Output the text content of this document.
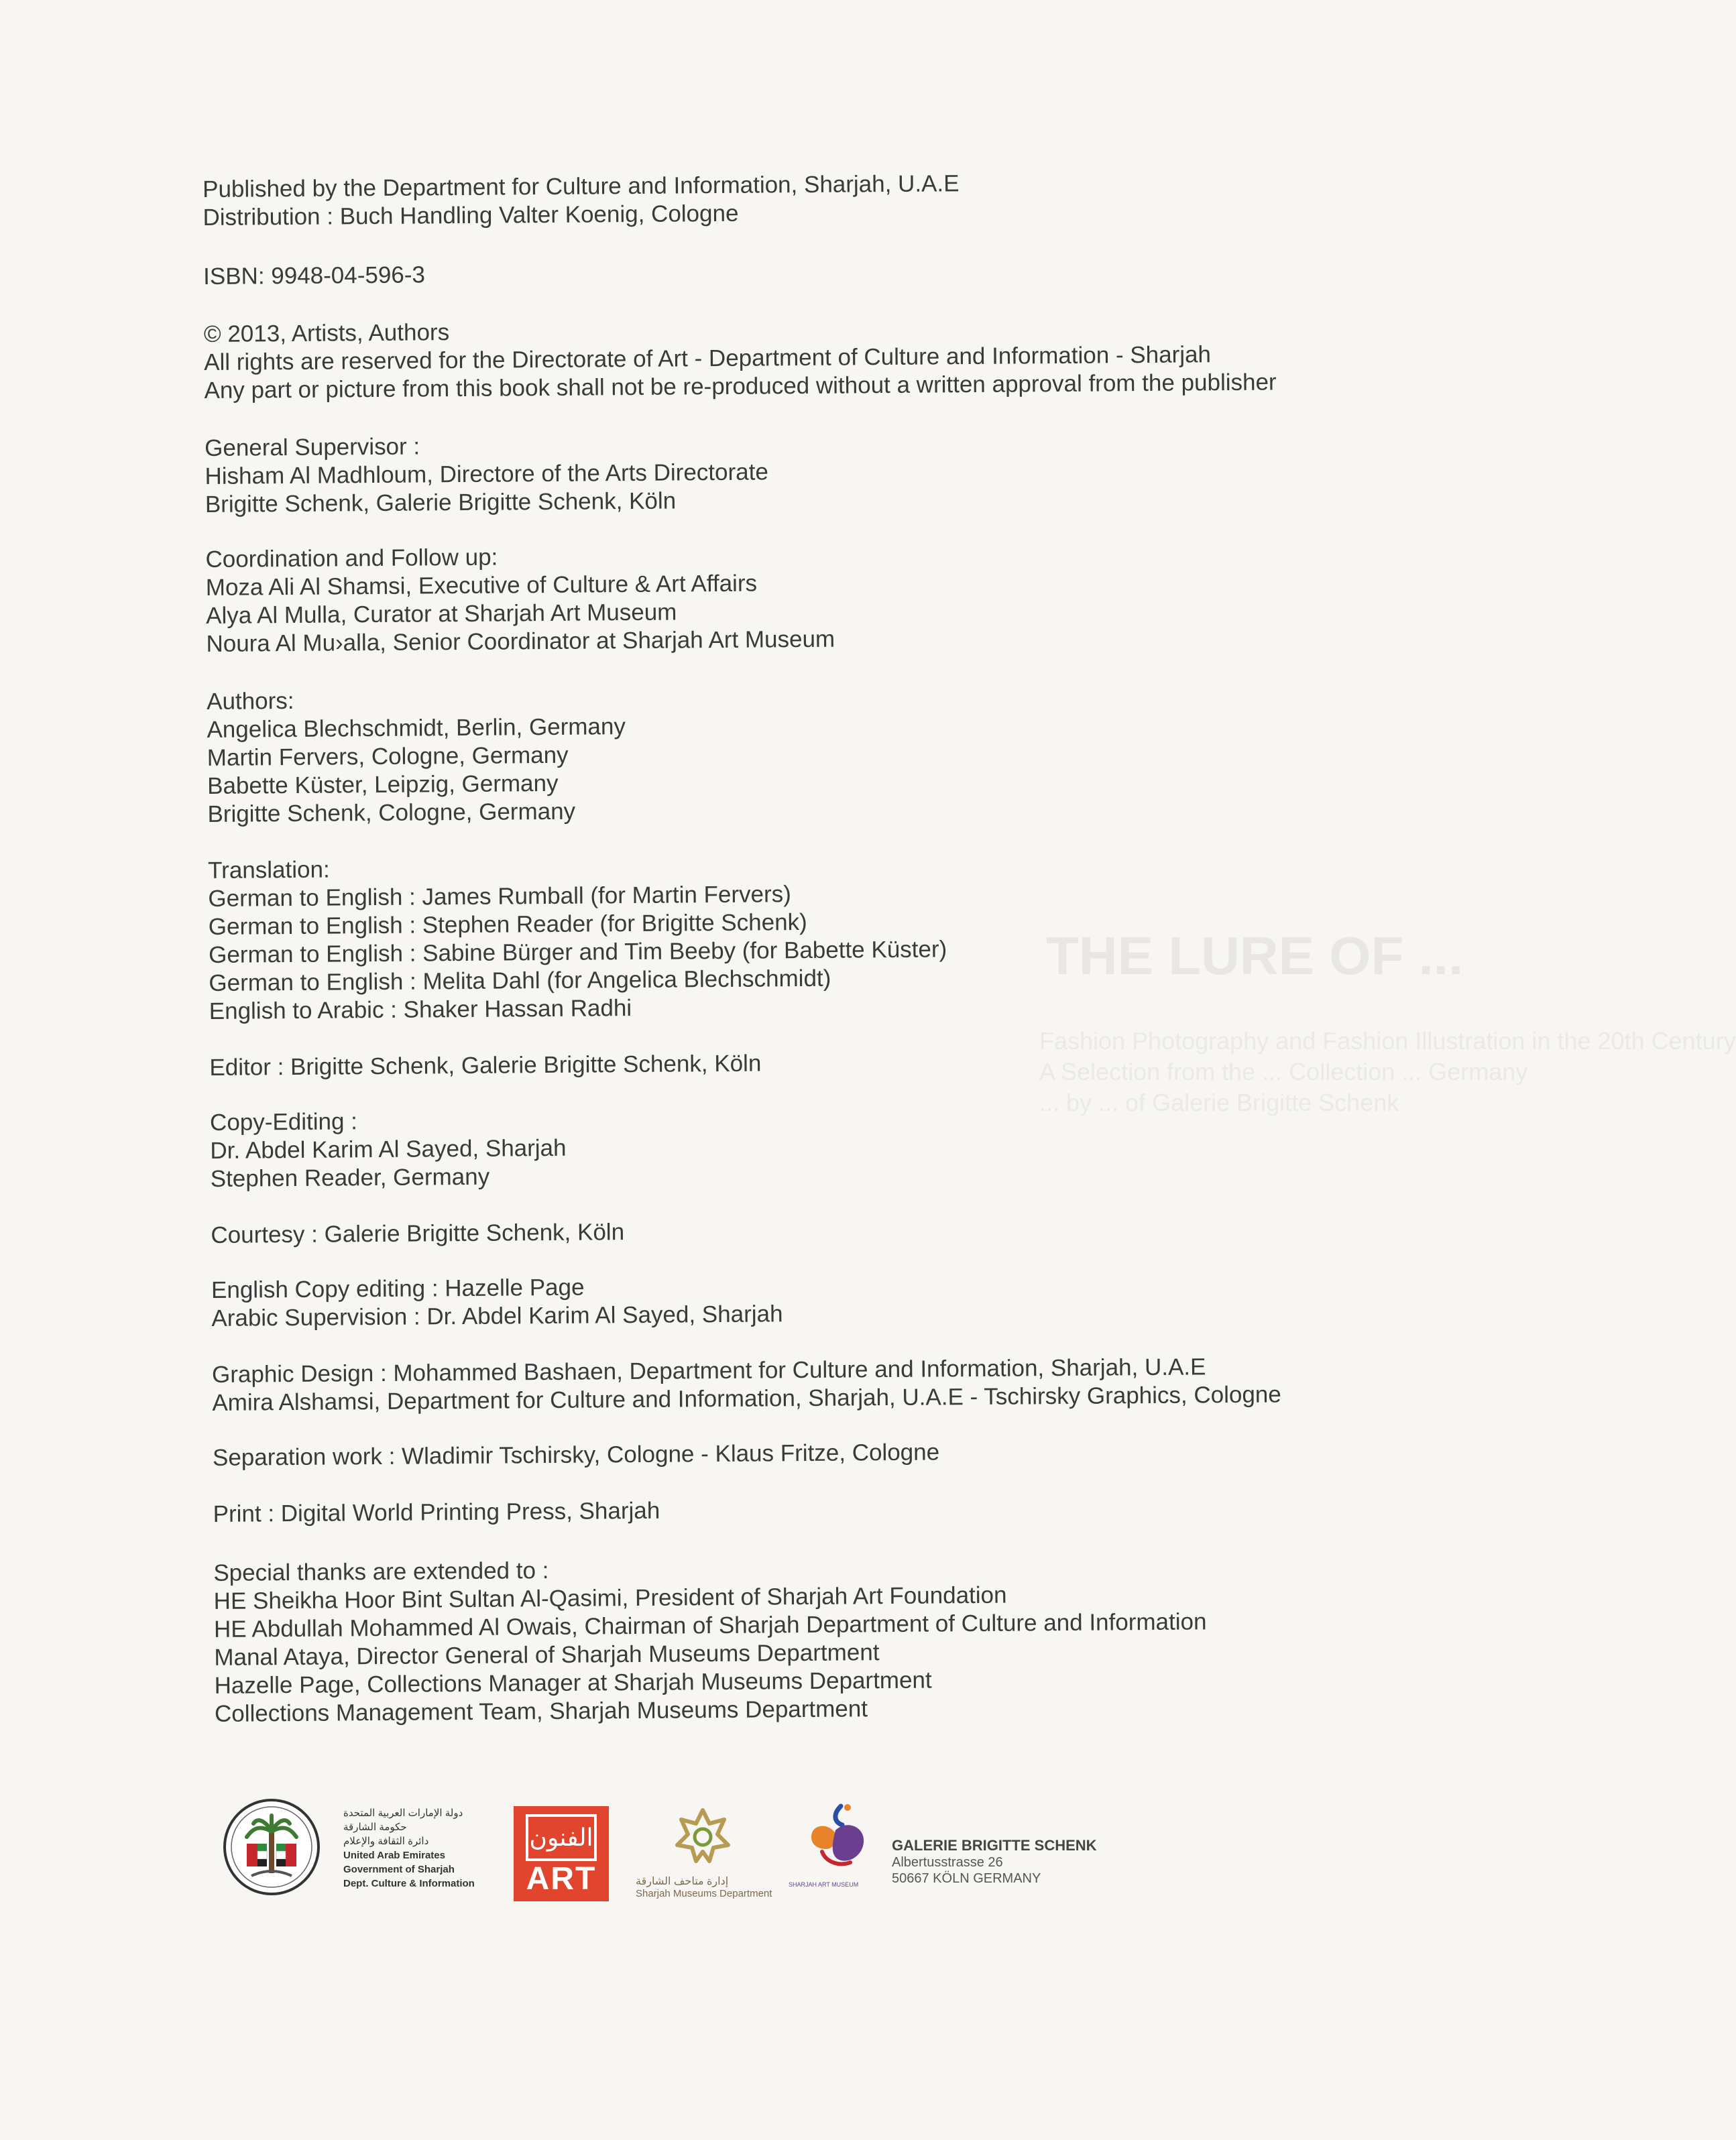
THE LURE OF ...
Fashion Photography and Fashion Illustration in the 20th Century
A Selection from the ... Collection ... Germany
... by ... of Galerie Brigitte Schenk

Published by the Department for Culture and Information, Sharjah, U.A.E

Distribution : Buch Handling Valter Koenig, Cologne

ISBN: 9948-04-596-3

© 2013, Artists, Authors

All rights are reserved for the Directorate of Art - Department of Culture and Information - Sharjah

Any part or picture from this book shall not be re-produced without a written approval from the publisher

General Supervisor :

Hisham Al Madhloum, Directore of the Arts Directorate

Brigitte Schenk, Galerie Brigitte Schenk, Köln

Coordination and Follow up:

Moza Ali Al Shamsi, Executive of Culture & Art Affairs

Alya Al Mulla, Curator at Sharjah Art Museum

Noura Al Mu›alla, Senior Coordinator at Sharjah Art Museum

Authors:

Angelica Blechschmidt, Berlin, Germany

Martin Fervers, Cologne, Germany

Babette Küster, Leipzig, Germany

Brigitte Schenk, Cologne, Germany

Translation:

German to English : James Rumball (for Martin Fervers)

German to English : Stephen Reader (for Brigitte Schenk)

German to English : Sabine Bürger and Tim Beeby (for Babette Küster)

German to English : Melita Dahl (for Angelica Blechschmidt)

English to Arabic : Shaker Hassan Radhi

Editor : Brigitte Schenk, Galerie Brigitte Schenk, Köln

Copy-Editing :

Dr. Abdel Karim Al Sayed, Sharjah

Stephen Reader, Germany

Courtesy : Galerie Brigitte Schenk, Köln

English Copy editing : Hazelle Page

Arabic Supervision : Dr. Abdel Karim Al Sayed, Sharjah

Graphic Design : Mohammed Bashaen, Department for Culture and Information, Sharjah, U.A.E

Amira Alshamsi, Department for Culture and Information, Sharjah, U.A.E - Tschirsky Graphics, Cologne

Separation work : Wladimir Tschirsky, Cologne - Klaus Fritze, Cologne

Print : Digital World Printing Press, Sharjah

Special thanks are extended to :

HE Sheikha Hoor Bint Sultan Al-Qasimi, President of Sharjah Art Foundation

HE Abdullah Mohammed Al Owais, Chairman of Sharjah Department of Culture and Information

Manal Ataya, Director General of Sharjah Museums Department

Hazelle Page, Collections Manager at Sharjah Museums Department

Collections Management Team, Sharjah Museums Department

دولة الإمارات العربية المتحدة

حكومة الشارقة

دائرة الثقافة والإعلام

United Arab Emirates

Government of Sharjah

Dept. Culture & Information

الفنون
ART	إدارة متاحف الشارقة
Sharjah Museums Department
SHARJAH ART MUSEUM

GALERIE BRIGITTE SCHENK

Albertusstrasse 26

50667 KÖLN GERMANY
